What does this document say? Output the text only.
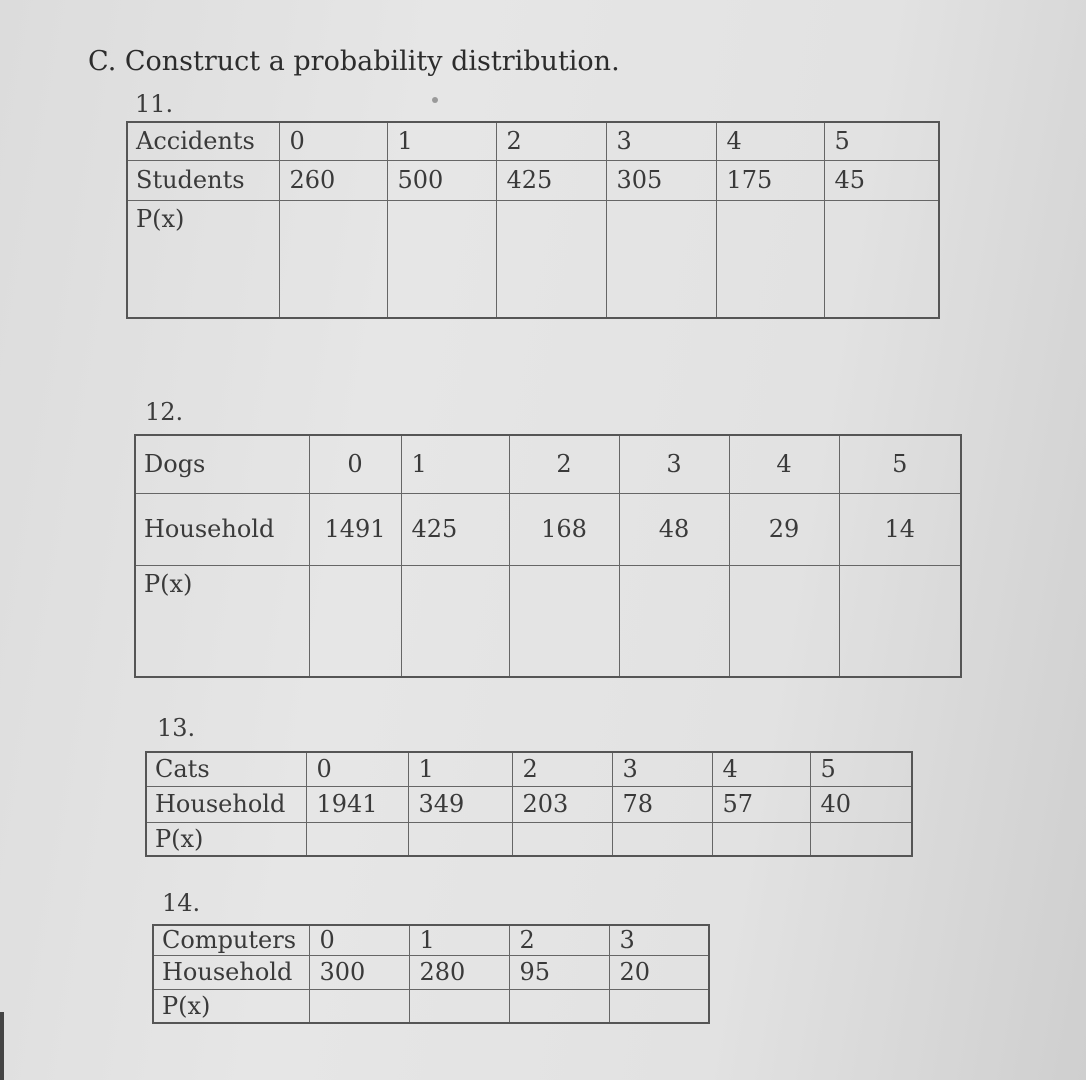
C. Construct a probability distribution.
11.
Accidents	0	1	2	3	4	5
Students	260	500	425	305	175	45
P(x)						
12.
Dogs	0	1	2	3	4	5
Household	1491	425	168	48	29	14
P(x)						
13.
Cats	0	1	2	3	4	5
Household	1941	349	203	78	57	40
P(x)						
14.
Computers	0	1	2	3
Household	300	280	95	20
P(x)				
